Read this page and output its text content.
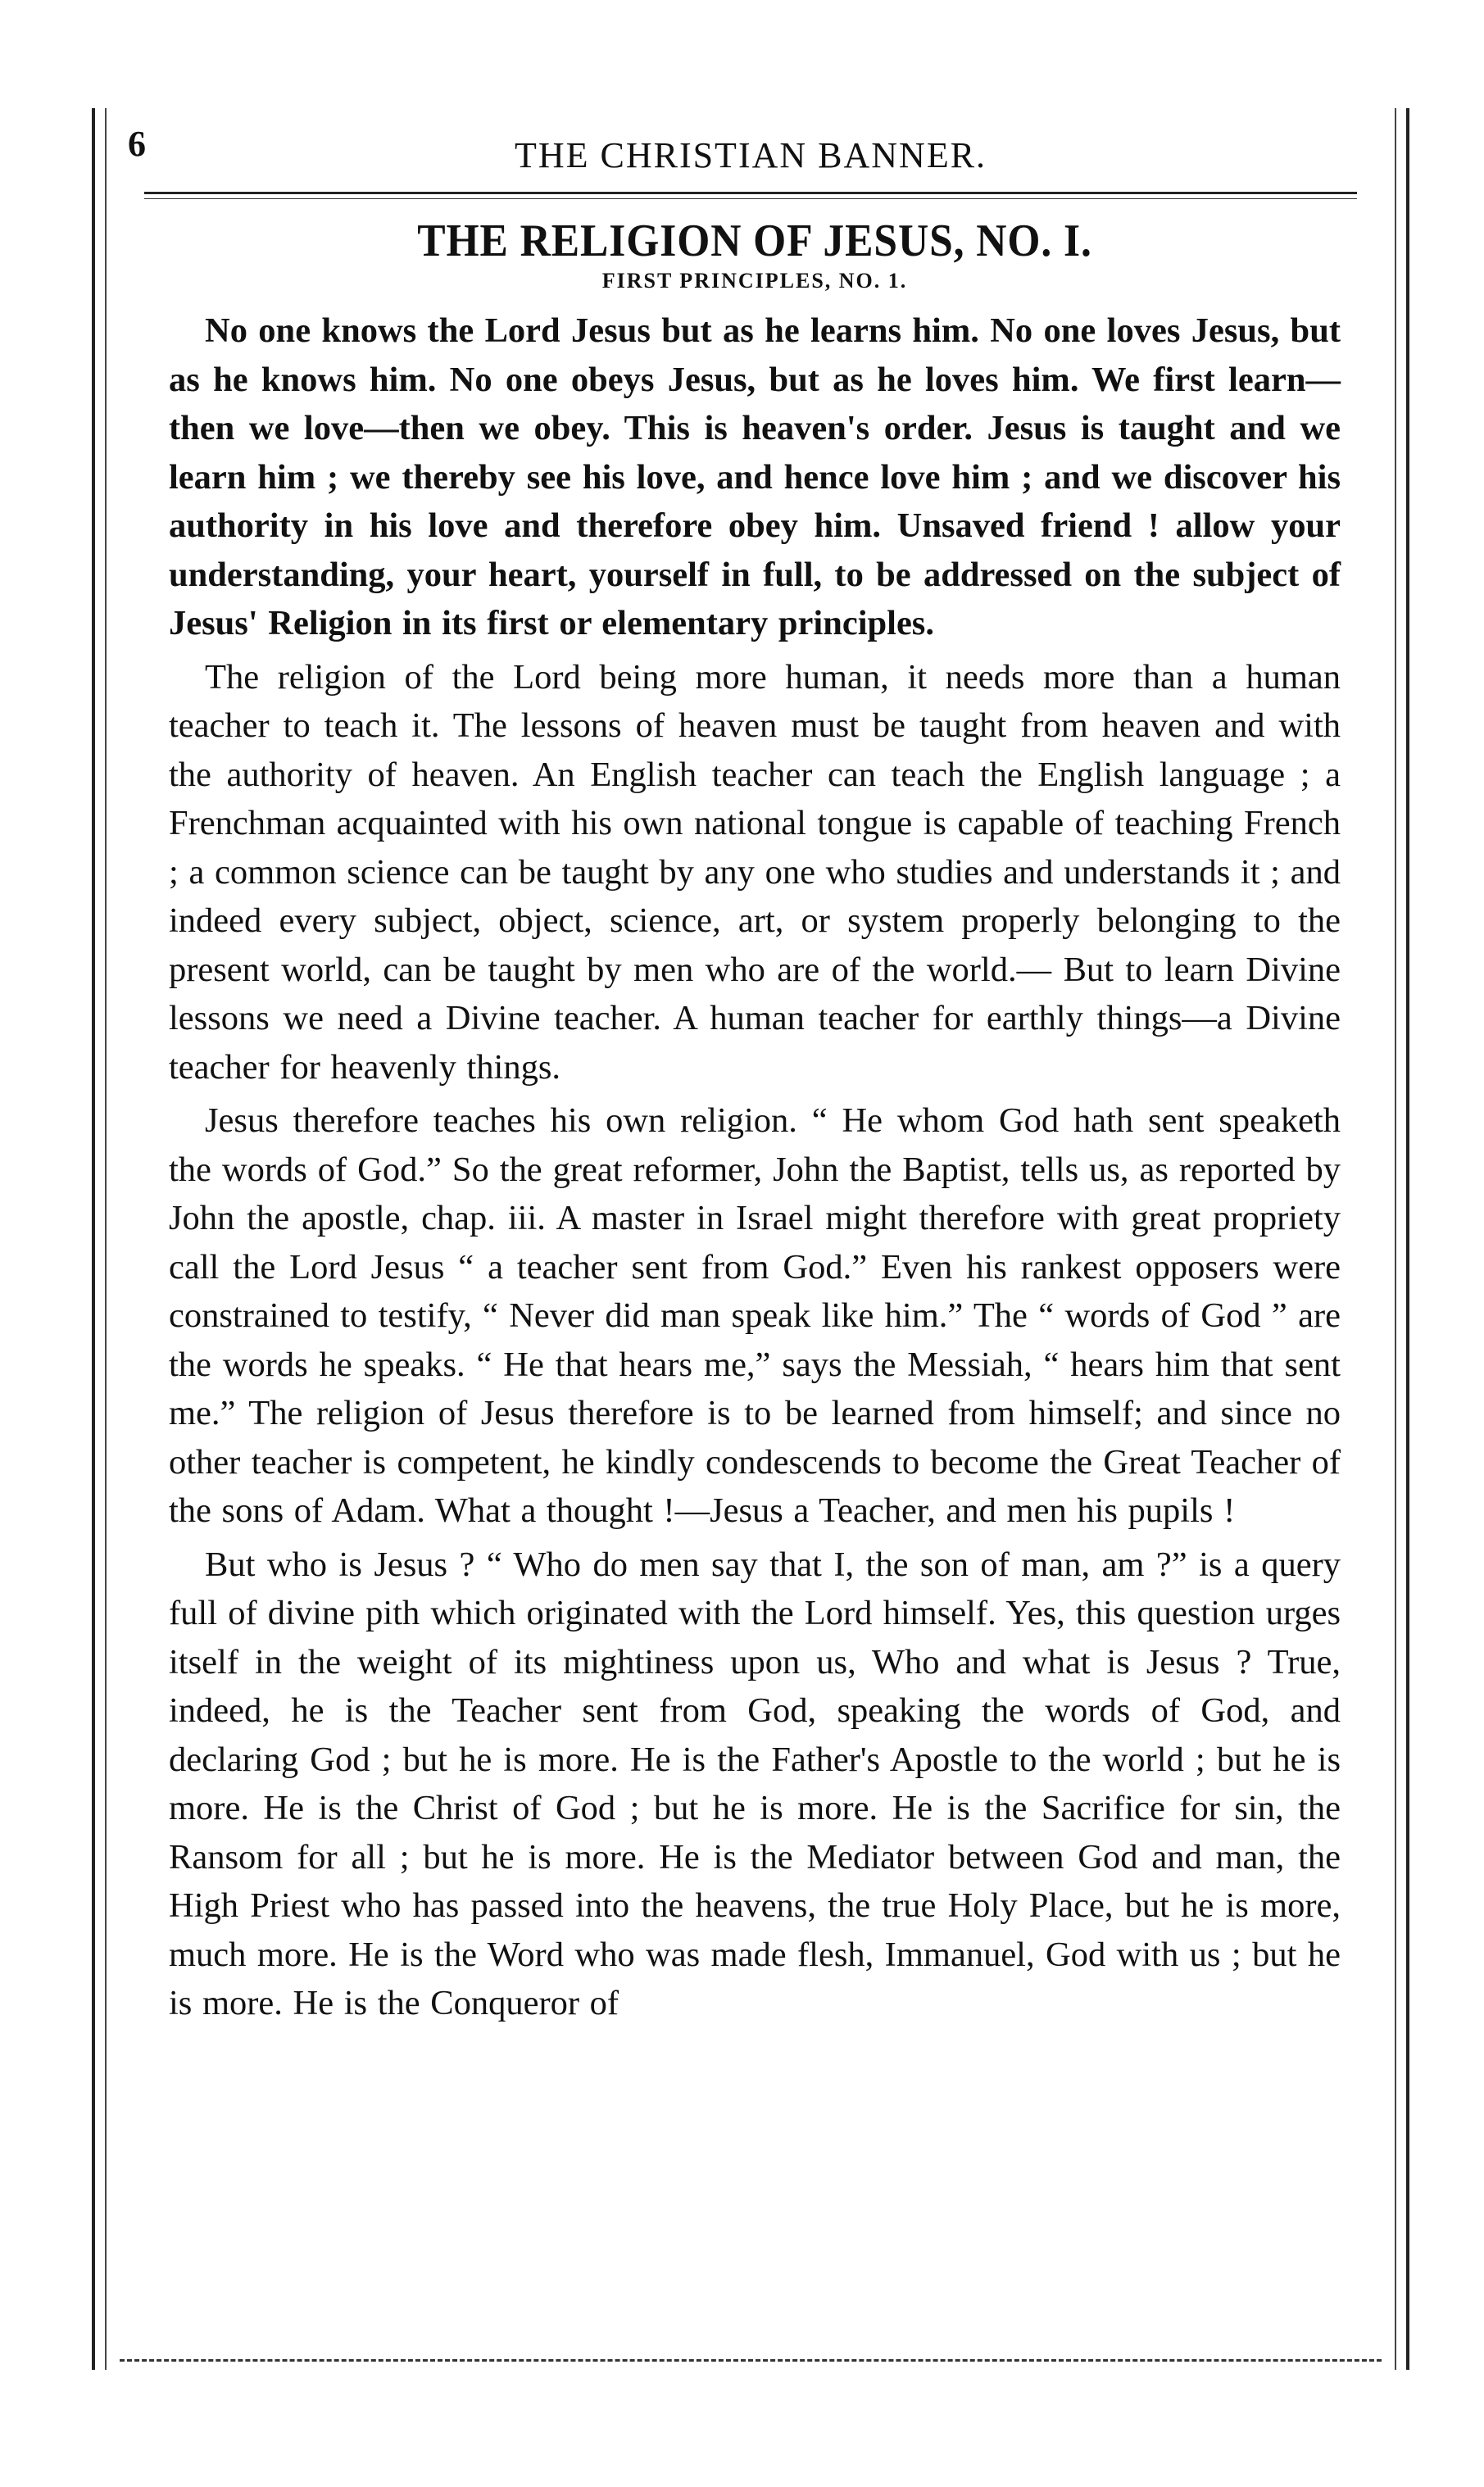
6	THE CHRISTIAN BANNER.
THE RELIGION OF JESUS, NO. I.
FIRST PRINCIPLES, NO. 1.

No one knows the Lord Jesus but as he learns him. No one loves Jesus, but as he knows him. No one obeys Jesus, but as he loves him. We first learn—then we love—then we obey. This is heaven's order. Jesus is taught and we learn him ; we thereby see his love, and hence love him ; and we discover his authority in his love and therefore obey him. Unsaved friend ! allow your understanding, your heart, yourself in full, to be addressed on the subject of Jesus' Religion in its first or elementary principles.

The religion of the Lord being more human, it needs more than a human teacher to teach it. The lessons of heaven must be taught from heaven and with the authority of heaven. An English teacher can teach the English language ; a Frenchman acquainted with his own national tongue is capable of teaching French ; a common science can be taught by any one who studies and understands it ; and indeed every subject, object, science, art, or system properly belonging to the present world, can be taught by men who are of the world.— But to learn Divine lessons we need a Divine teacher. A human teacher for earthly things—a Divine teacher for heavenly things.

Jesus therefore teaches his own religion. “ He whom God hath sent speaketh the words of God.” So the great reformer, John the Baptist, tells us, as reported by John the apostle, chap. iii. A master in Israel might therefore with great propriety call the Lord Jesus “ a teacher sent from God.” Even his rankest opposers were constrained to testify, “ Never did man speak like him.” The “ words of God ” are the words he speaks. “ He that hears me,” says the Messiah, “ hears him that sent me.” The religion of Jesus therefore is to be learned from himself; and since no other teacher is competent, he kindly condescends to become the Great Teacher of the sons of Adam. What a thought !—Jesus a Teacher, and men his pupils !

But who is Jesus ? “ Who do men say that I, the son of man, am ?” is a query full of divine pith which originated with the Lord himself. Yes, this question urges itself in the weight of its mightiness upon us, Who and what is Jesus ? True, indeed, he is the Teacher sent from God, speaking the words of God, and declaring God ; but he is more. He is the Father's Apostle to the world ; but he is more. He is the Christ of God ; but he is more. He is the Sacrifice for sin, the Ransom for all ; but he is more. He is the Mediator between God and man, the High Priest who has passed into the heavens, the true Holy Place, but he is more, much more. He is the Word who was made flesh, Immanuel, God with us ; but he is more. He is the Conqueror of
